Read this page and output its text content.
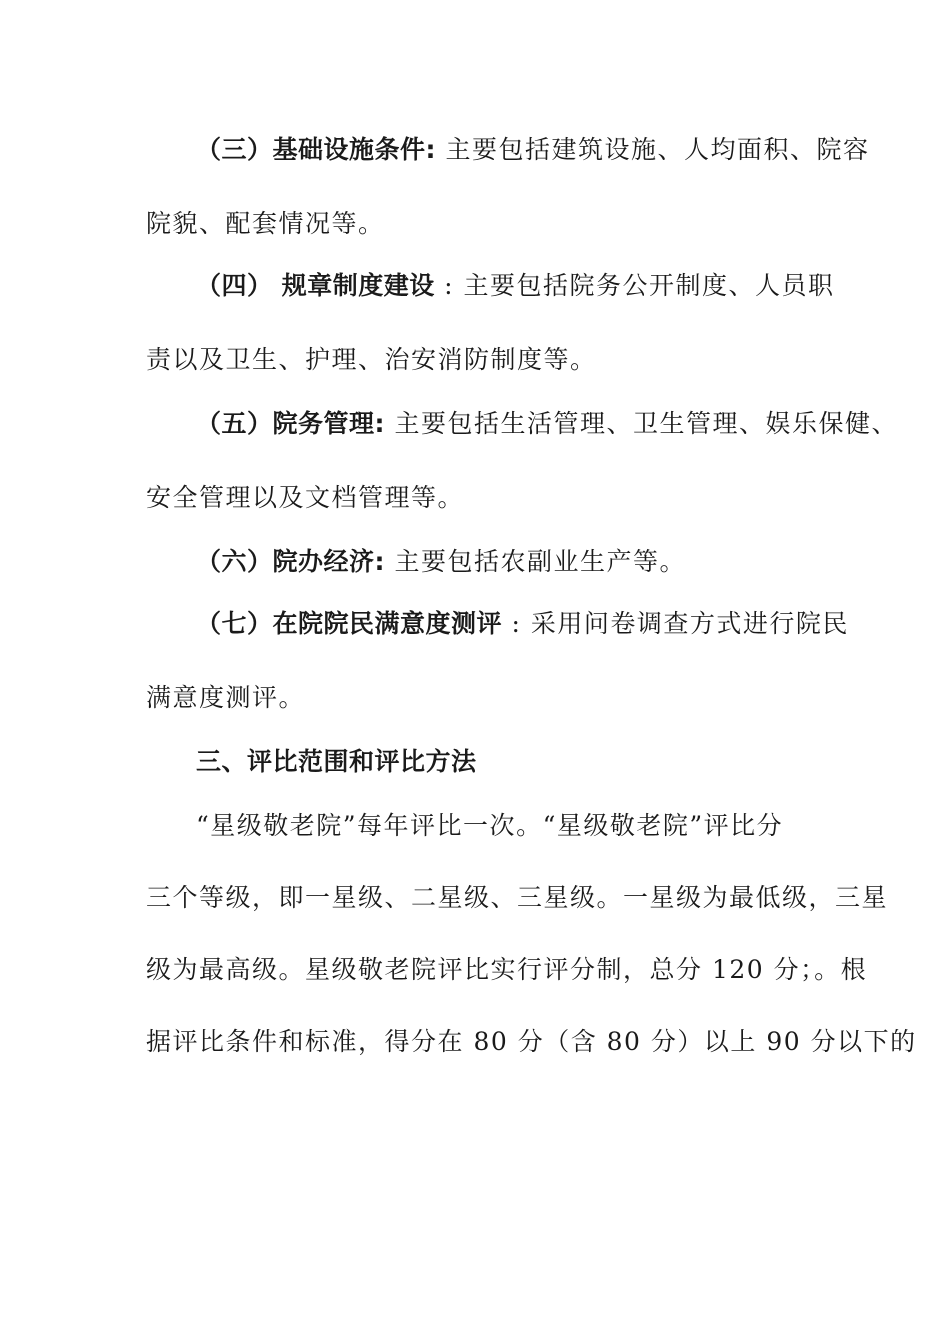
（三）基础设施条件: 主要包括建筑设施、人均面积、院容
院貌、配套情况等。
（四） 规章制度建设 : 主要包括院务公开制度、人员职
责以及卫生、护理、治安消防制度等。
（五）院务管理: 主要包括生活管理、卫生管理、娱乐保健、
安全管理以及文档管理等。
（六）院办经济: 主要包括农副业生产等。
（七）在院院民满意度测评 : 采用问卷调查方式进行院民
满意度测评。
三、评比范围和评比方法
“星级敬老院”每年评比一次。“星级敬老院”评比分
三个等级，即一星级、二星级、三星级。一星级为最低级，三星
级为最高级。星级敬老院评比实行评分制，总分 120 分；。根
据评比条件和标准，得分在 80 分（含 80 分）以上 90 分以下的
